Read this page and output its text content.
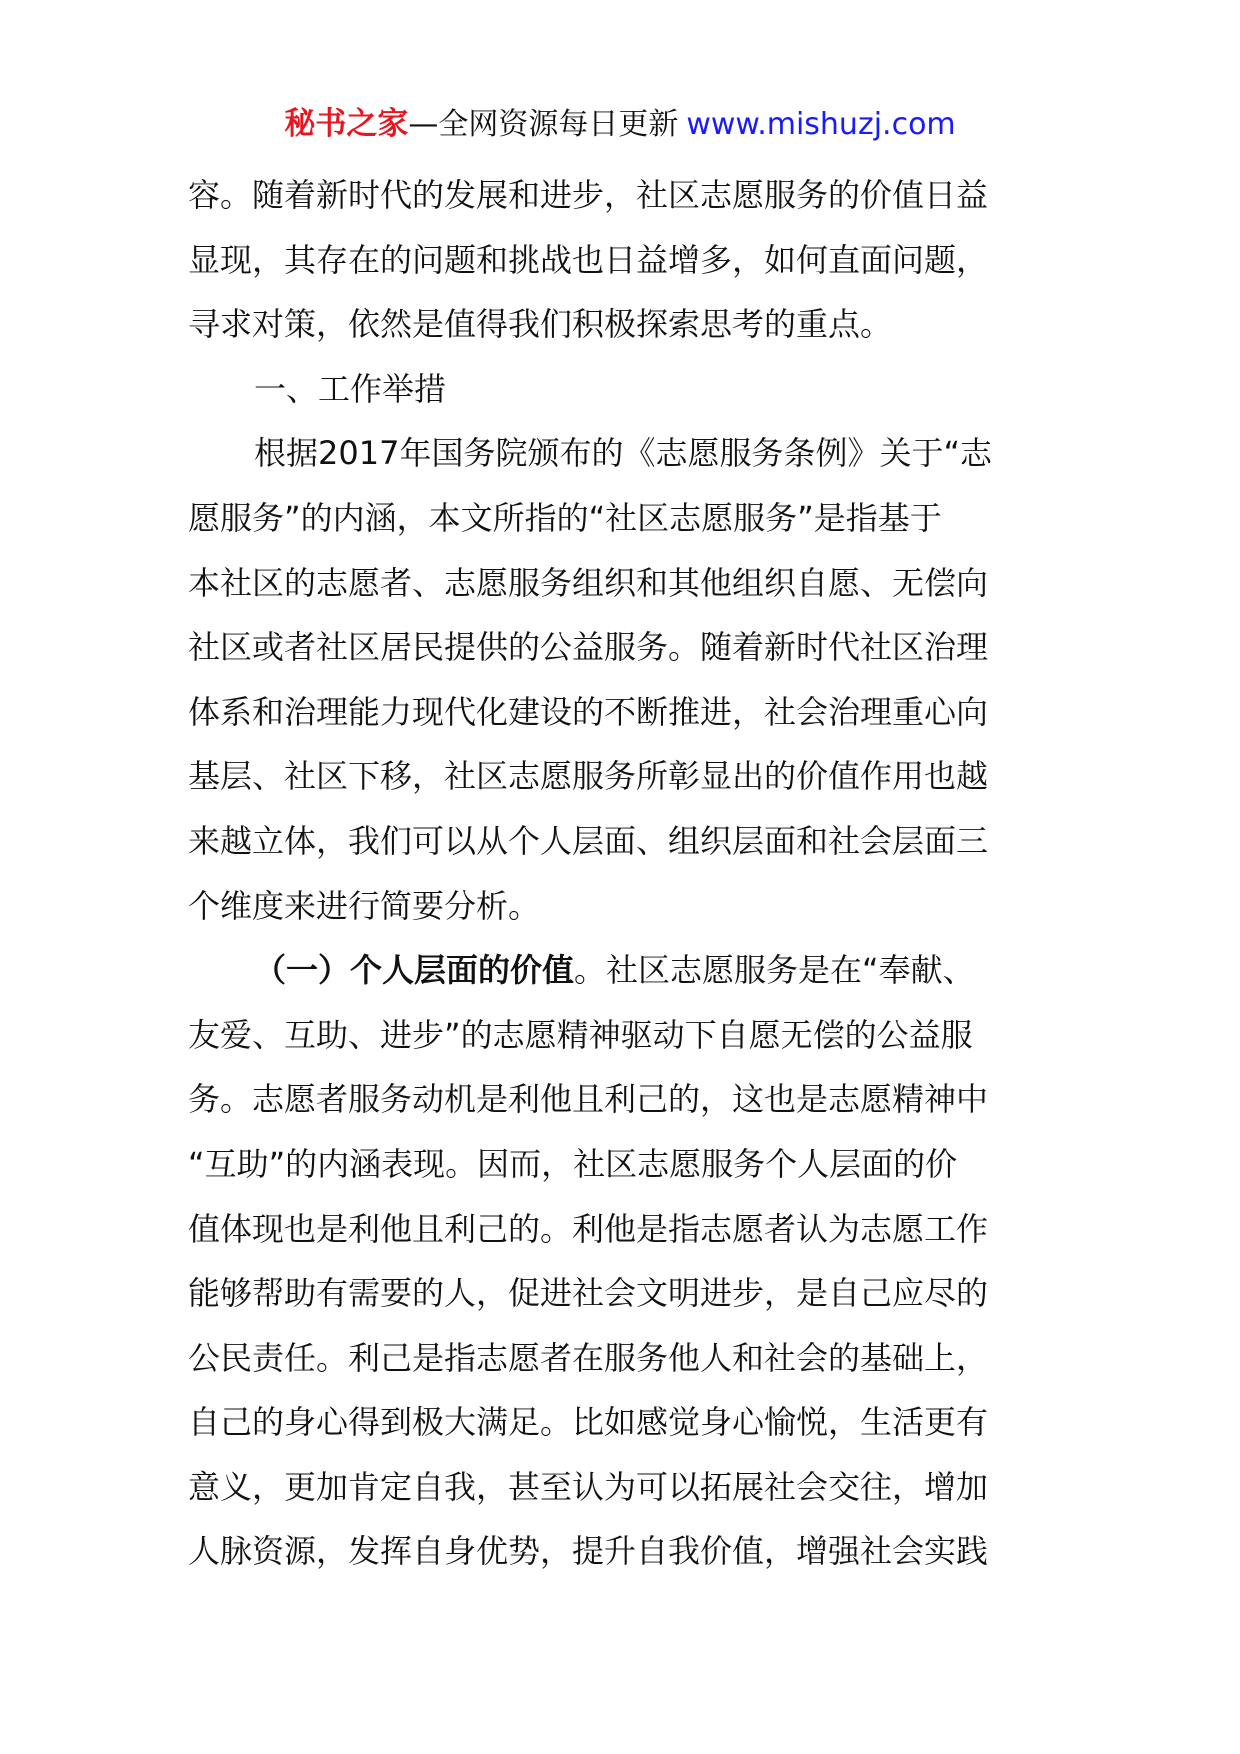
秘书之家—全网资源每日更新 www.mishuzj.com
容。随着新时代的发展和进步，社区志愿服务的价值日益
显现，其存在的问题和挑战也日益增多，如何直面问题，
寻求对策，依然是值得我们积极探索思考的重点。
一、工作举措
根据2017年国务院颁布的《志愿服务条例》关于“志
愿服务”的内涵，本文所指的“社区志愿服务”是指基于
本社区的志愿者、志愿服务组织和其他组织自愿、无偿向
社区或者社区居民提供的公益服务。随着新时代社区治理
体系和治理能力现代化建设的不断推进，社会治理重心向
基层、社区下移，社区志愿服务所彰显出的价值作用也越
来越立体，我们可以从个人层面、组织层面和社会层面三
个维度来进行简要分析。
（一）个人层面的价值。社区志愿服务是在“奉献、
友爱、互助、进步”的志愿精神驱动下自愿无偿的公益服
务。志愿者服务动机是利他且利己的，这也是志愿精神中
“互助”的内涵表现。因而，社区志愿服务个人层面的价
值体现也是利他且利己的。利他是指志愿者认为志愿工作
能够帮助有需要的人，促进社会文明进步，是自己应尽的
公民责任。利己是指志愿者在服务他人和社会的基础上，
自己的身心得到极大满足。比如感觉身心愉悦，生活更有
意义，更加肯定自我，甚至认为可以拓展社会交往，增加
人脉资源，发挥自身优势，提升自我价值，增强社会实践
